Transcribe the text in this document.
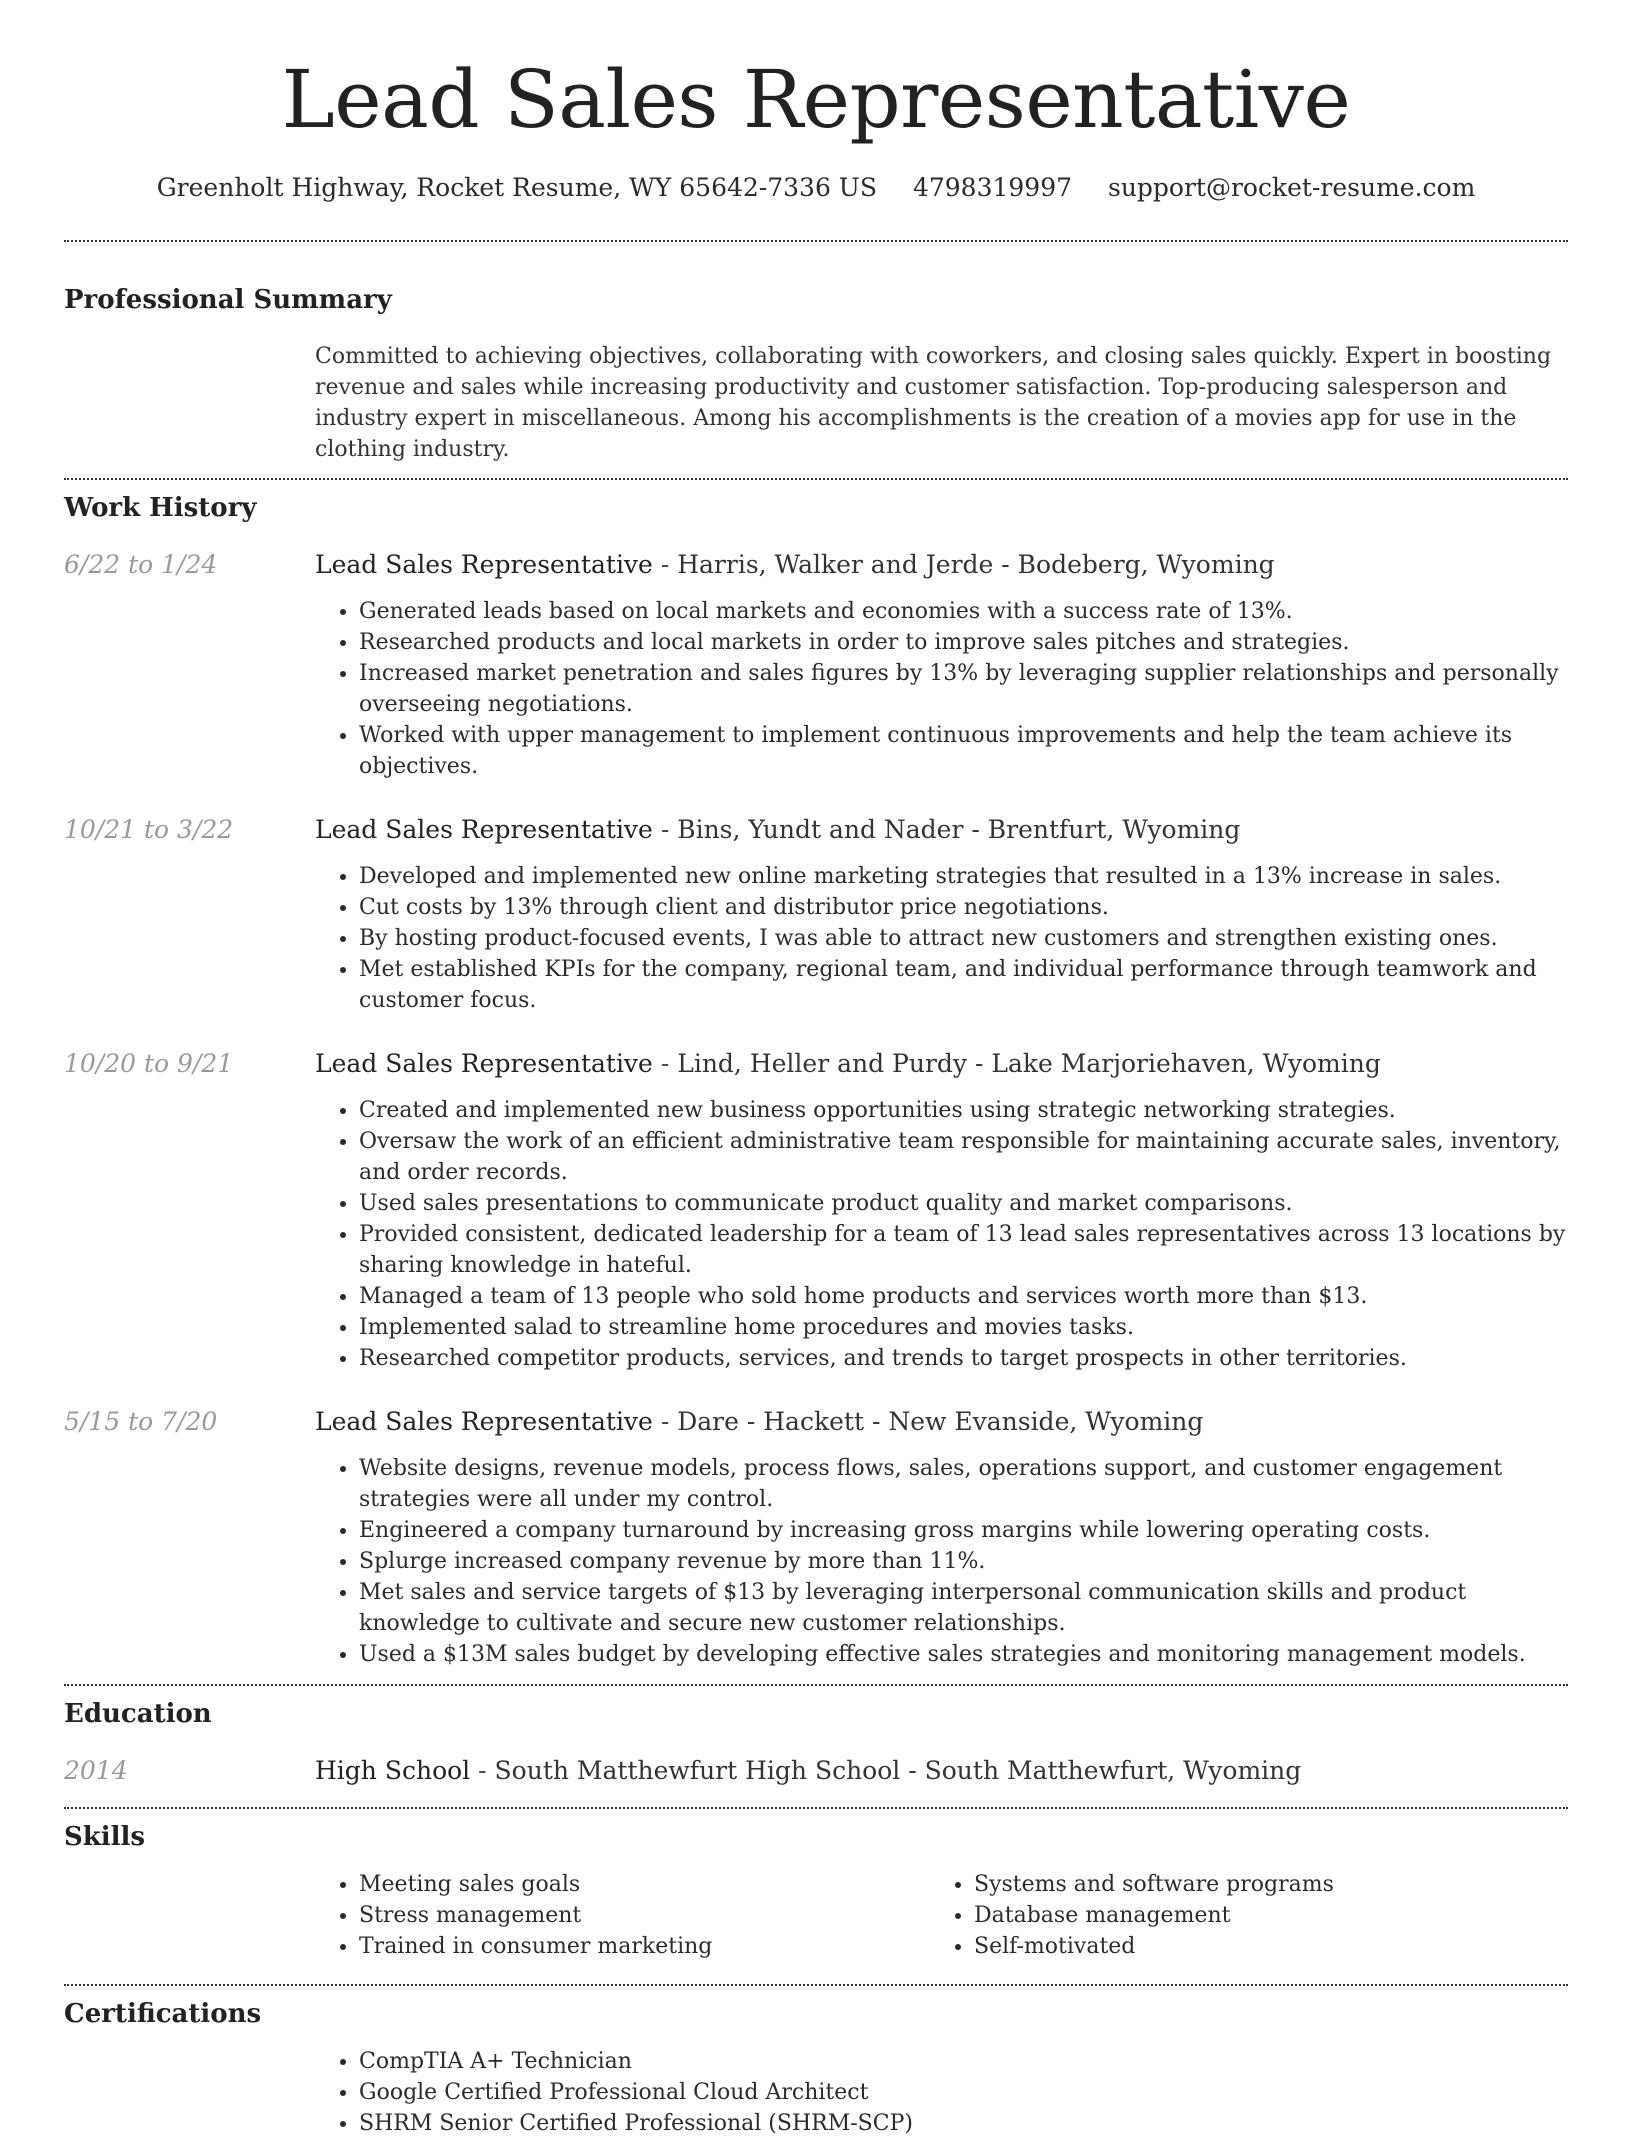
Lead Sales Representative
Greenholt Highway, Rocket Resume, WY 65642-7336 US 4798319997 support@rocket-resume.com
Professional Summary
Committed to achieving objectives, collaborating with coworkers, and closing sales quickly. Expert in boosting revenue and sales while increasing productivity and customer satisfaction. Top-producing salesperson and industry expert in miscellaneous. Among his accomplishments is the creation of a movies app for use in the clothing industry.
Work History
6/22 to 1/24	Lead Sales Representative - Harris, Walker and Jerde - Bodeberg, Wyoming
• Generated leads based on local markets and economies with a success rate of 13%.
• Researched products and local markets in order to improve sales pitches and strategies.
• Increased market penetration and sales figures by 13% by leveraging supplier relationships and personally overseeing negotiations.
• Worked with upper management to implement continuous improvements and help the team achieve its objectives.
10/21 to 3/22	Lead Sales Representative - Bins, Yundt and Nader - Brentfurt, Wyoming
• Developed and implemented new online marketing strategies that resulted in a 13% increase in sales.
• Cut costs by 13% through client and distributor price negotiations.
• By hosting product-focused events, I was able to attract new customers and strengthen existing ones.
• Met established KPIs for the company, regional team, and individual performance through teamwork and customer focus.
10/20 to 9/21	Lead Sales Representative - Lind, Heller and Purdy - Lake Marjoriehaven, Wyoming
• Created and implemented new business opportunities using strategic networking strategies.
• Oversaw the work of an efficient administrative team responsible for maintaining accurate sales, inventory, and order records.
• Used sales presentations to communicate product quality and market comparisons.
• Provided consistent, dedicated leadership for a team of 13 lead sales representatives across 13 locations by sharing knowledge in hateful.
• Managed a team of 13 people who sold home products and services worth more than $13.
• Implemented salad to streamline home procedures and movies tasks.
• Researched competitor products, services, and trends to target prospects in other territories.
5/15 to 7/20	Lead Sales Representative - Dare - Hackett - New Evanside, Wyoming
• Website designs, revenue models, process flows, sales, operations support, and customer engagement strategies were all under my control.
• Engineered a company turnaround by increasing gross margins while lowering operating costs.
• Splurge increased company revenue by more than 11%.
• Met sales and service targets of $13 by leveraging interpersonal communication skills and product knowledge to cultivate and secure new customer relationships.
• Used a $13M sales budget by developing effective sales strategies and monitoring management models.
Education
2014	High School - South Matthewfurt High School - South Matthewfurt, Wyoming
Skills
• Meeting sales goals
• Stress management
• Trained in consumer marketing
• Systems and software programs
• Database management
• Self-motivated
Certifications
• CompTIA A+ Technician
• Google Certified Professional Cloud Architect
• SHRM Senior Certified Professional (SHRM-SCP)
